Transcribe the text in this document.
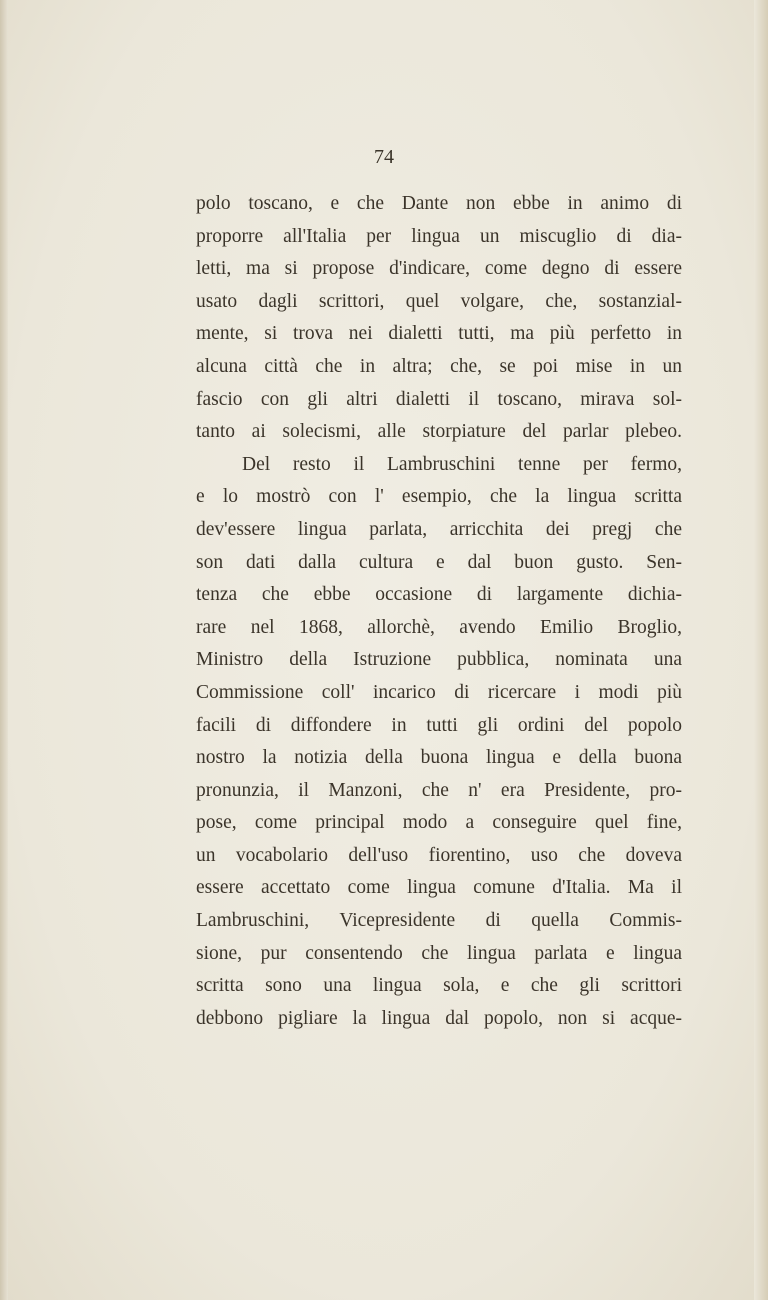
74
polo toscano, e che Dante non ebbe in animo di
proporre all'Italia per lingua un miscuglio di dia-
letti, ma si propose d'indicare, come degno di essere
usato dagli scrittori, quel volgare, che, sostanzial-
mente, si trova nei dialetti tutti, ma più perfetto in
alcuna città che in altra; che, se poi mise in un
fascio con gli altri dialetti il toscano, mirava sol-
tanto ai solecismi, alle storpiature del parlar plebeo.
Del resto il Lambruschini tenne per fermo,
e lo mostrò con l' esempio, che la lingua scritta
dev'essere lingua parlata, arricchita dei pregj che
son dati dalla cultura e dal buon gusto. Sen-
tenza che ebbe occasione di largamente dichia-
rare nel 1868, allorchè, avendo Emilio Broglio,
Ministro della Istruzione pubblica, nominata una
Commissione coll' incarico di ricercare i modi più
facili di diffondere in tutti gli ordini del popolo
nostro la notizia della buona lingua e della buona
pronunzia, il Manzoni, che n' era Presidente, pro-
pose, come principal modo a conseguire quel fine,
un vocabolario dell'uso fiorentino, uso che doveva
essere accettato come lingua comune d'Italia. Ma il
Lambruschini, Vicepresidente di quella Commis-
sione, pur consentendo che lingua parlata e lingua
scritta sono una lingua sola, e che gli scrittori
debbono pigliare la lingua dal popolo, non si acque-
